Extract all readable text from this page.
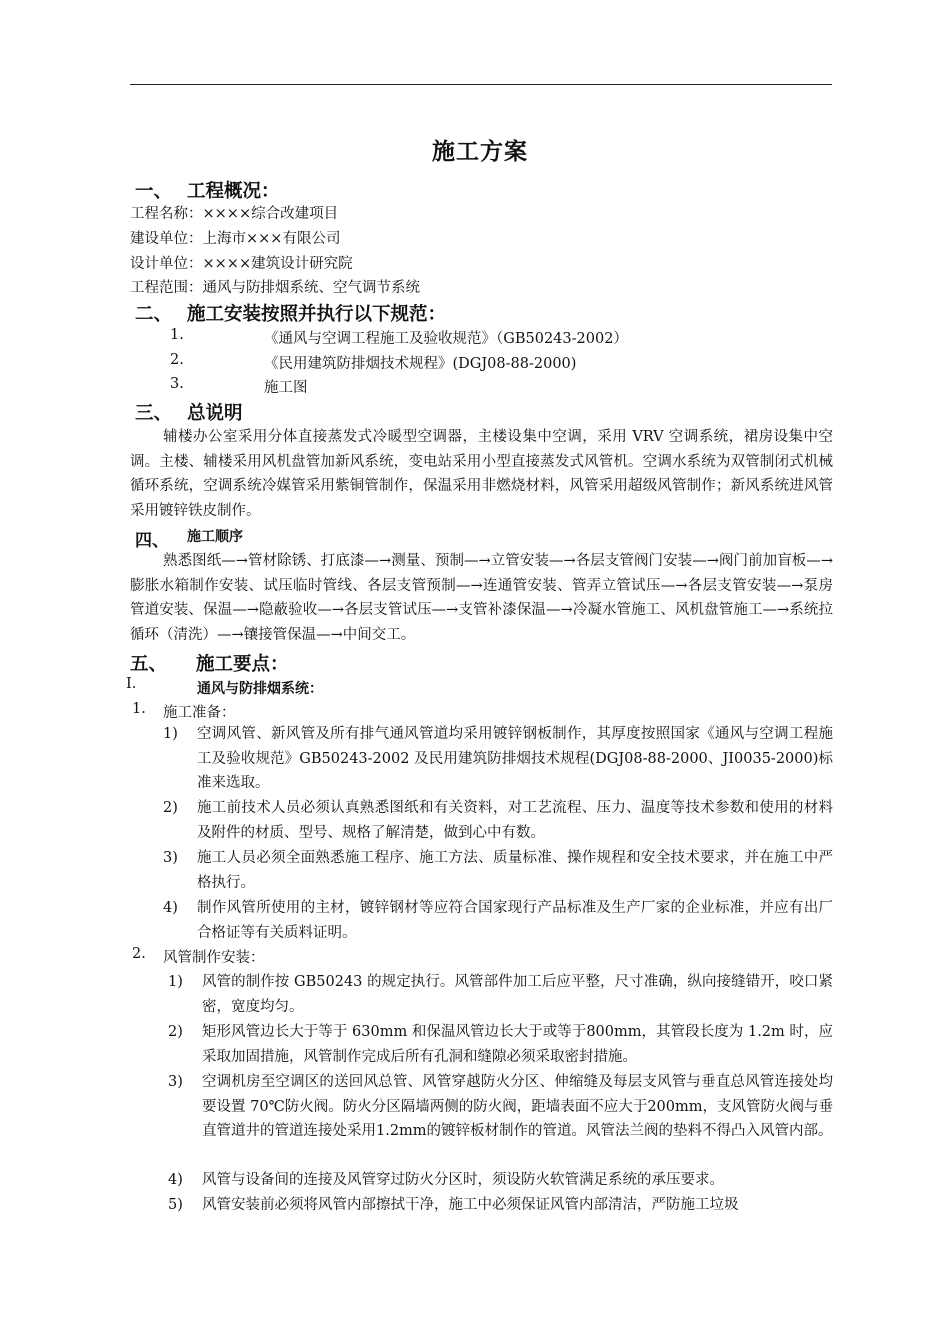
施工方案
一、 工程概况：
工程名称：××××综合改建项目
建设单位：上海市×××有限公司
设计单位：××××建筑设计研究院
工程范围：通风与防排烟系统、空气调节系统
二、 施工安装按照并执行以下规范：
1.	《通风与空调工程施工及验收规范》（GB50243-2002）
2.	《民用建筑防排烟技术规程》(DGJ08-88-2000)
3.	施工图
三、 总说明
辅楼办公室采用分体直接蒸发式冷暖型空调器，主楼设集中空调，采用 VRV 空调系统，裙房设集中空调。主楼、辅楼采用风机盘管加新风系统，变电站采用小型直接蒸发式风管机。空调水系统为双管制闭式机械循环系统，空调系统冷媒管采用紫铜管制作，保温采用非燃烧材料，风管采用超级风管制作；新风系统进风管采用镀锌铁皮制作。
四、 施工顺序
熟悉图纸—→管材除锈、打底漆—→测量、预制—→立管安装—→各层支管阀门安装—→阀门前加盲板—→膨胀水箱制作安装、试压临时管线、各层支管预制—→连通管安装、管弄立管试压—→各层支管安装—→泵房管道安装、保温—→隐蔽验收—→各层支管试压—→支管补漆保温—→冷凝水管施工、风机盘管施工—→系统拉循环（清洗）—→镶接管保温—→中间交工。
五、 施工要点：
I.	通风与防排烟系统：
1. 施工准备：
1) 空调风管、新风管及所有排气通风管道均采用镀锌钢板制作，其厚度按照国家《通风与空调工程施工及验收规范》GB50243-2002 及民用建筑防排烟技术规程(DGJ08-88-2000、JI0035-2000)标准来选取。
2) 施工前技术人员必须认真熟悉图纸和有关资料，对工艺流程、压力、温度等技术参数和使用的材料及附件的材质、型号、规格了解清楚，做到心中有数。
3) 施工人员必须全面熟悉施工程序、施工方法、质量标准、操作规程和安全技术要求，并在施工中严格执行。
4) 制作风管所使用的主材，镀锌钢材等应符合国家现行产品标准及生产厂家的企业标准，并应有出厂合格证等有关质料证明。
2. 风管制作安装：
1) 风管的制作按 GB50243 的规定执行。风管部件加工后应平整，尺寸准确，纵向接缝错开，咬口紧密，宽度均匀。
2) 矩形风管边长大于等于 630mm 和保温风管边长大于或等于800mm，其管段长度为 1.2m 时，应采取加固措施，风管制作完成后所有孔洞和缝隙必须采取密封措施。
3) 空调机房至空调区的送回风总管、风管穿越防火分区、伸缩缝及每层支风管与垂直总风管连接处均要设置 70℃防火阀。防火分区隔墙两侧的防火阀，距墙表面不应大于200mm，支风管防火阀与垂直管道井的管道连接处采用1.2mm的镀锌板材制作的管道。风管法兰阀的垫料不得凸入风管内部。
4) 风管与设备间的连接及风管穿过防火分区时，须设防火软管满足系统的承压要求。
5) 风管安装前必须将风管内部擦拭干净，施工中必须保证风管内部清洁，严防施工垃圾
